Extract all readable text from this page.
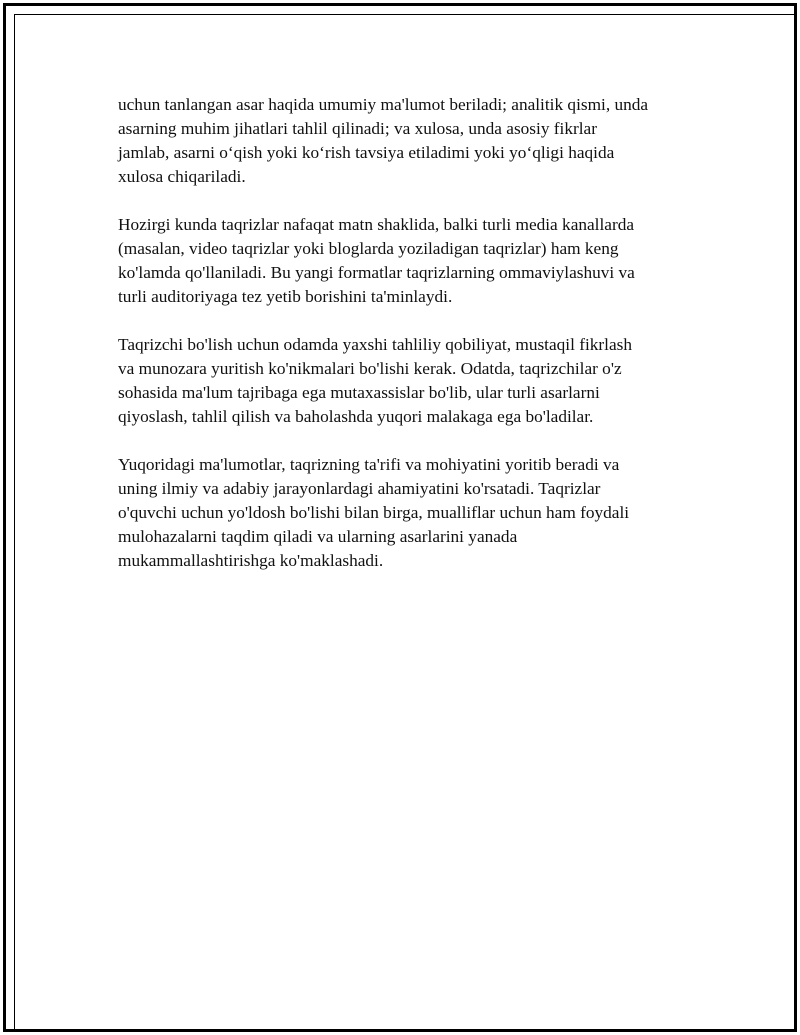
uchun tanlangan asar haqida umumiy ma'lumot beriladi; analitik qismi, unda
asarning muhim jihatlari tahlil qilinadi; va xulosa, unda asosiy fikrlar
jamlab, asarni o‘qish yoki ko‘rish tavsiya etiladimi yoki yo‘qligi haqida
xulosa chiqariladi.
Hozirgi kunda taqrizlar nafaqat matn shaklida, balki turli media kanallarda
(masalan, video taqrizlar yoki bloglarda yoziladigan taqrizlar) ham keng
ko'lamda qo'llaniladi. Bu yangi formatlar taqrizlarning ommaviylashuvi va
turli auditoriyaga tez yetib borishini ta'minlaydi.
Taqrizchi bo'lish uchun odamda yaxshi tahliliy qobiliyat, mustaqil fikrlash
va munozara yuritish ko'nikmalari bo'lishi kerak. Odatda, taqrizchilar o'z
sohasida ma'lum tajribaga ega mutaxassislar bo'lib, ular turli asarlarni
qiyoslash, tahlil qilish va baholashda yuqori malakaga ega bo'ladilar.
Yuqoridagi ma'lumotlar, taqrizning ta'rifi va mohiyatini yoritib beradi va
uning ilmiy va adabiy jarayonlardagi ahamiyatini ko'rsatadi. Taqrizlar
o'quvchi uchun yo'ldosh bo'lishi bilan birga, mualliflar uchun ham foydali
mulohazalarni taqdim qiladi va ularning asarlarini yanada
mukammallashtirishga ko'maklashadi.
